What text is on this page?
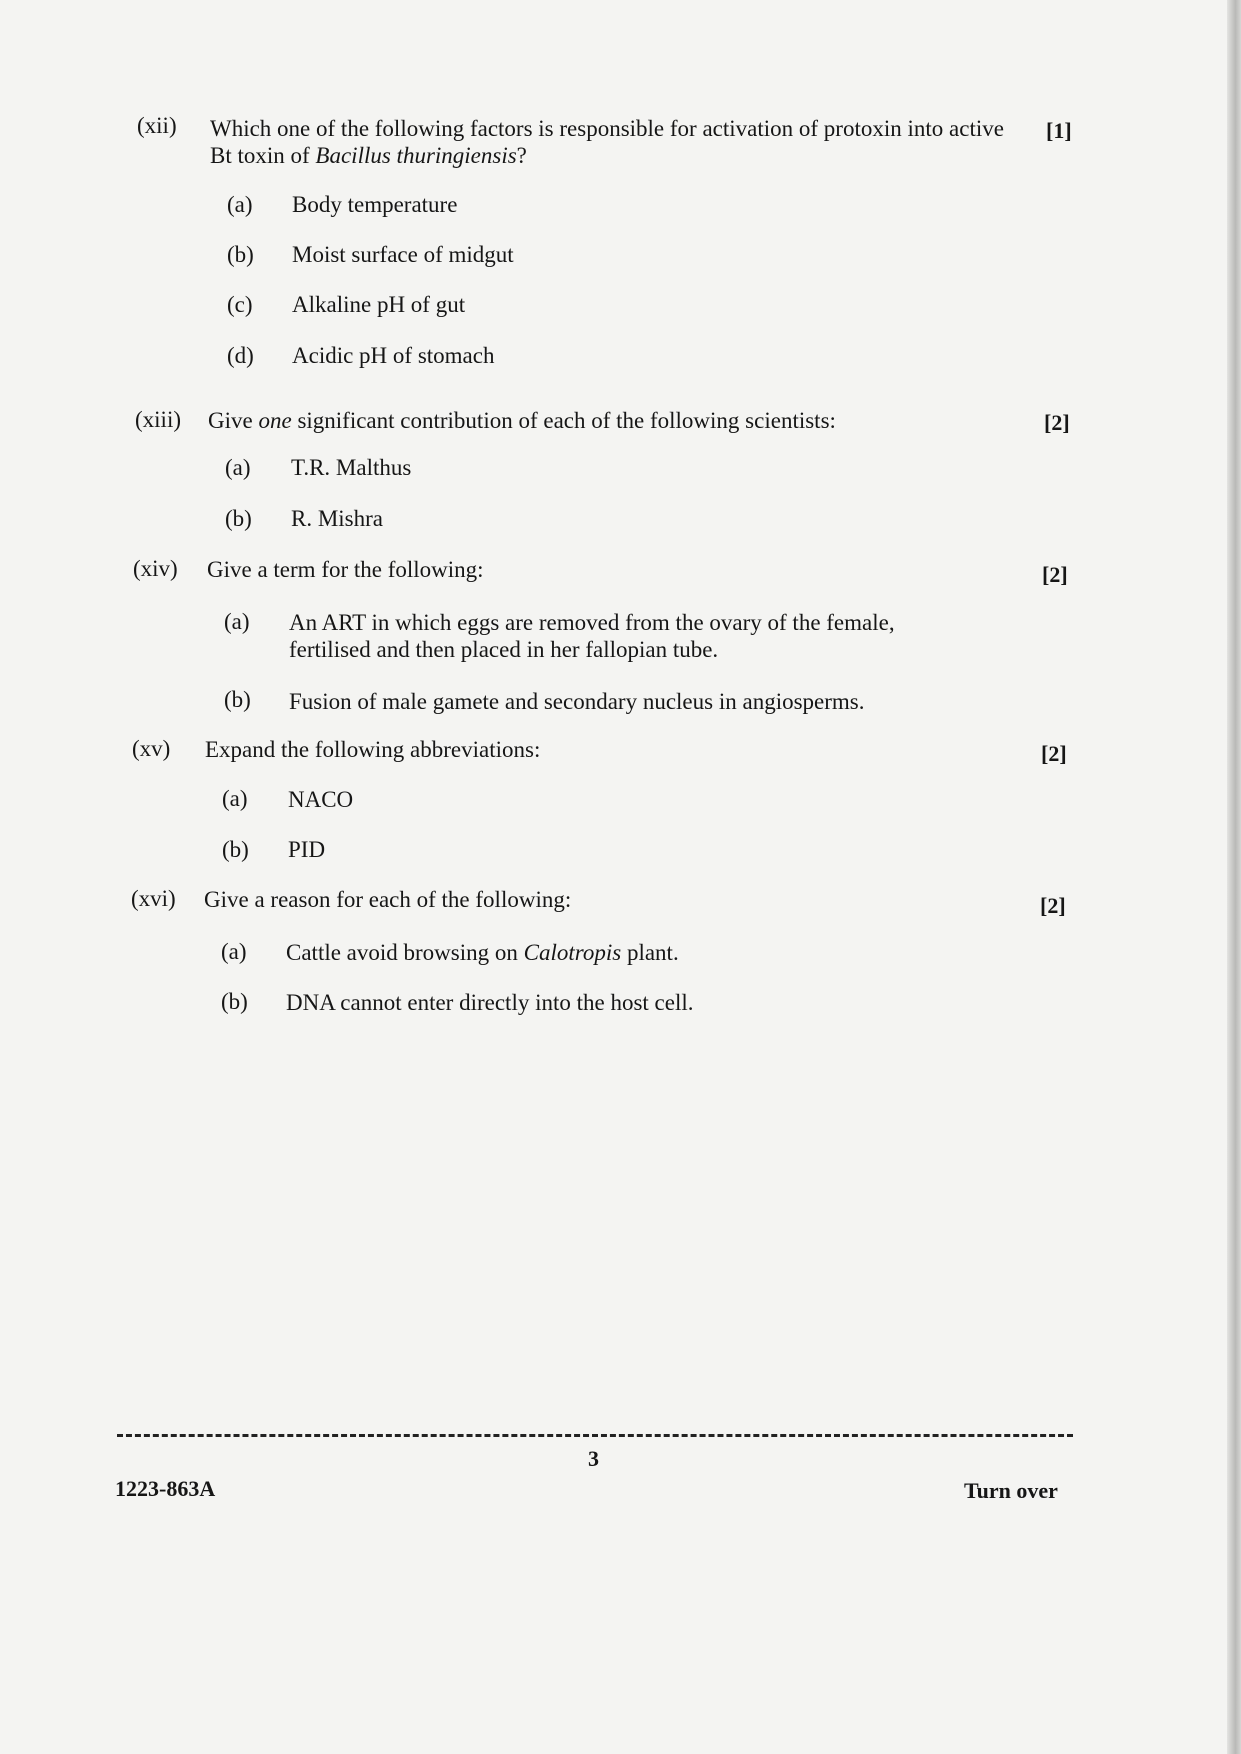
(xii) Which one of the following factors is responsible for activation of protoxin into active Bt toxin of Bacillus thuringiensis?
[1]
(a) Body temperature
(b) Moist surface of midgut
(c) Alkaline pH of gut
(d) Acidic pH of stomach
(xiii) Give one significant contribution of each of the following scientists:	[2]
(a) T.R. Malthus
(b) R. Mishra
(xiv) Give a term for the following:	[2]
(a) An ART in which eggs are removed from the ovary of the female, fertilised and then placed in her fallopian tube.
(b) Fusion of male gamete and secondary nucleus in angiosperms.
(xv) Expand the following abbreviations:	[2]
(a) NACO
(b) PID
(xvi) Give a reason for each of the following:	[2]
(a) Cattle avoid browsing on Calotropis plant.
(b) DNA cannot enter directly into the host cell.
3
1223-863A	Turn over
